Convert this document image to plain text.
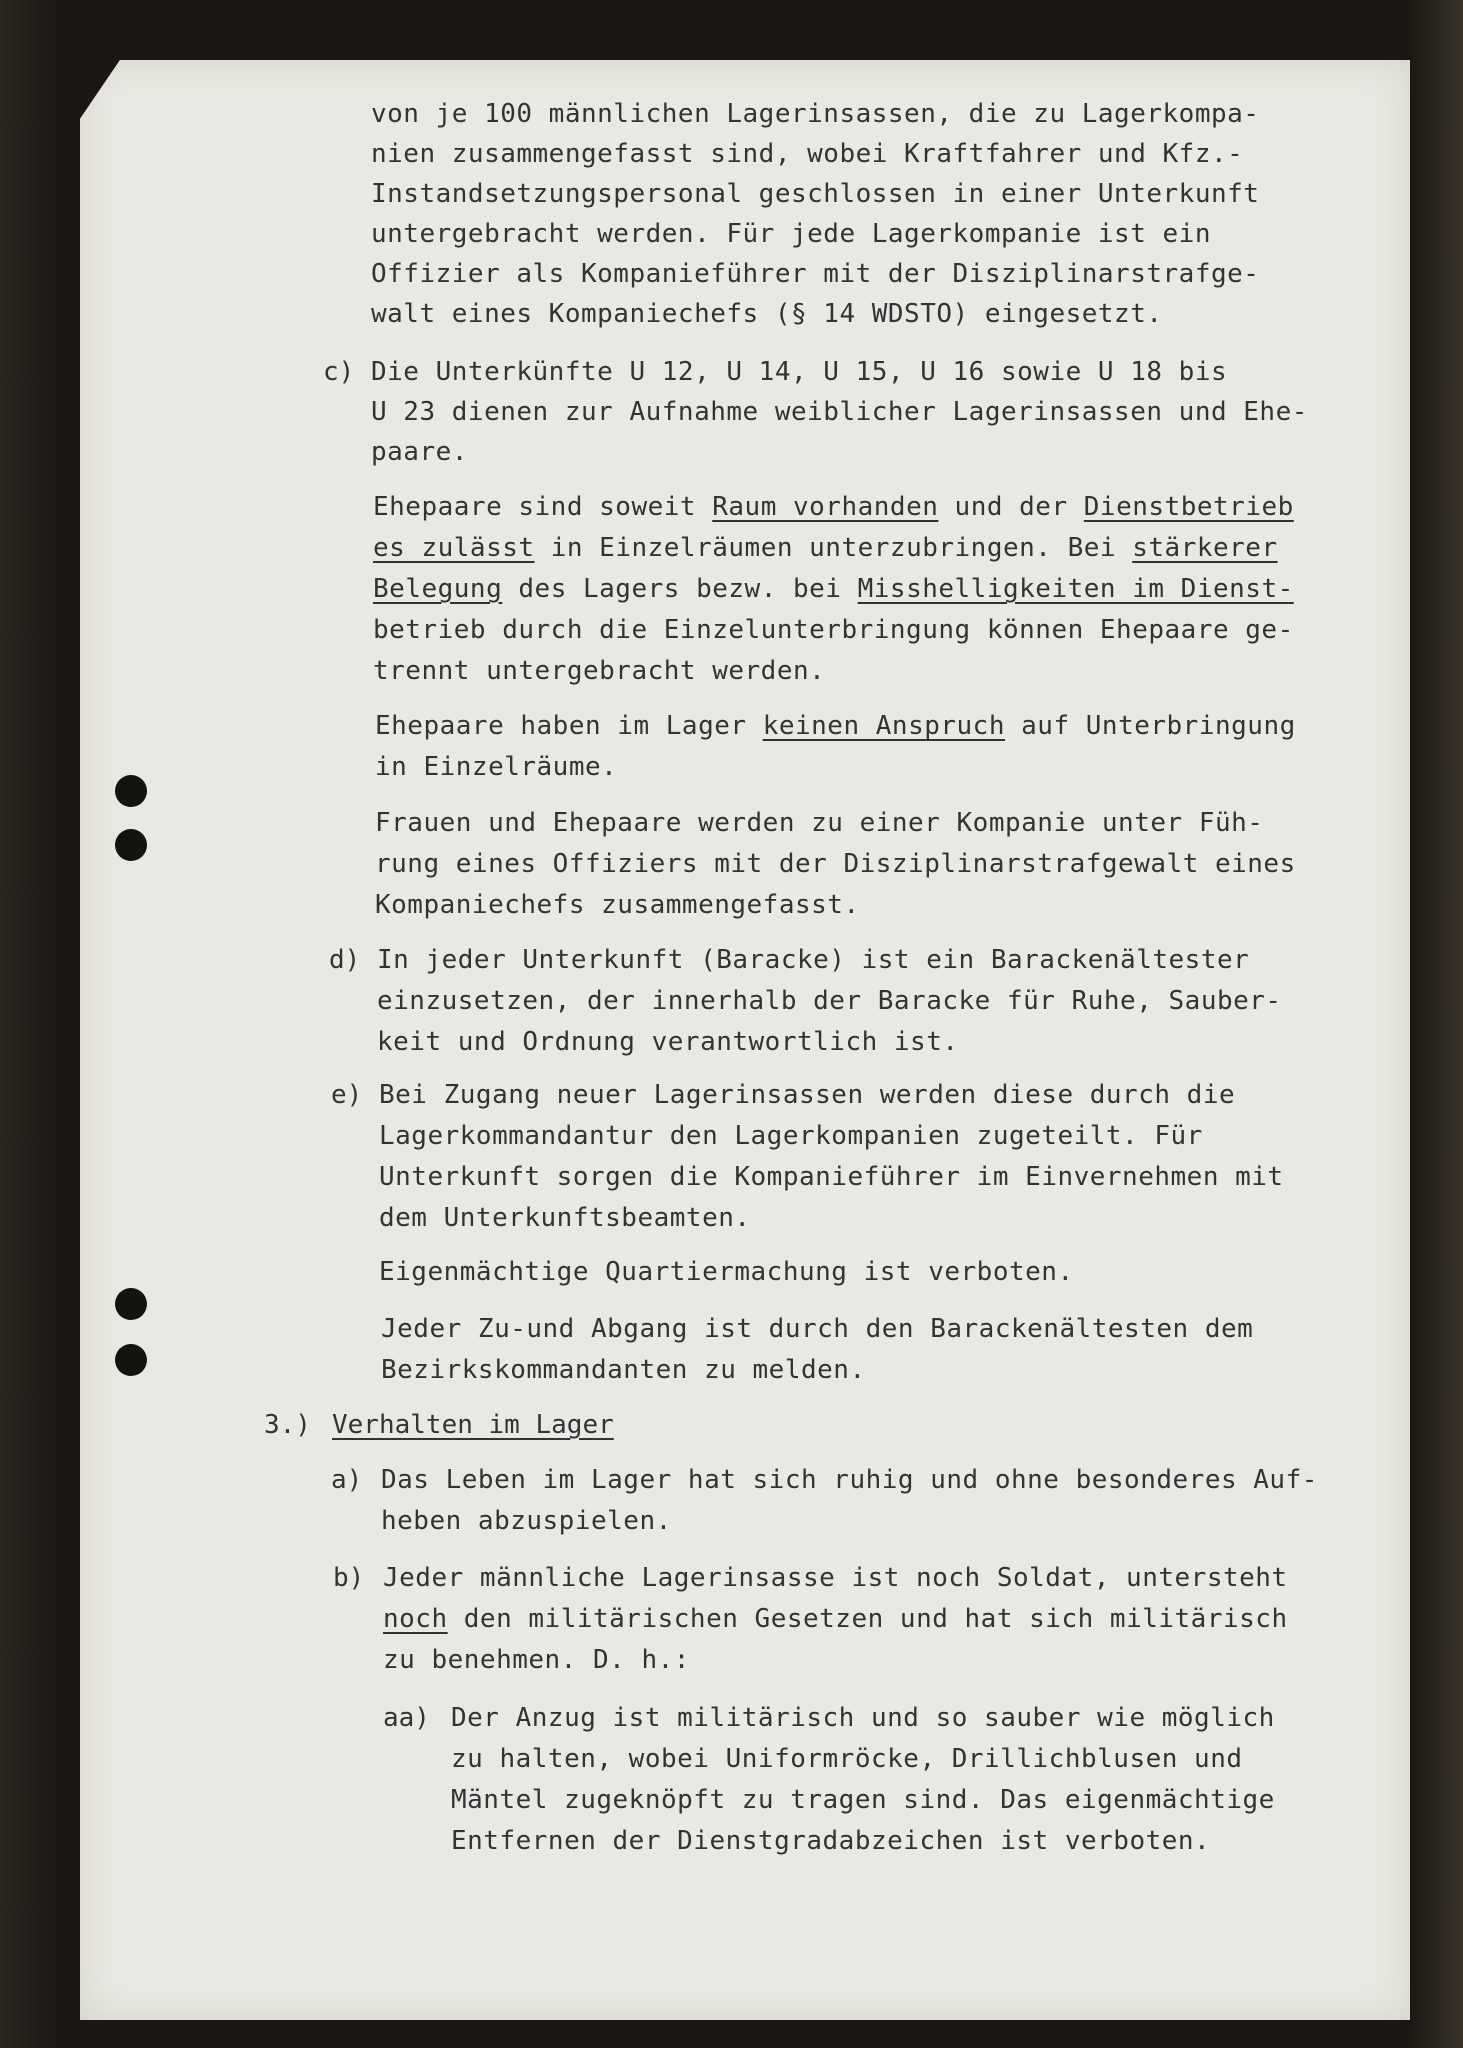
von je 100 männlichen Lagerinsassen, die zu Lagerkompa-
nien zusammengefasst sind, wobei Kraftfahrer und Kfz.-
Instandsetzungspersonal geschlossen in einer Unterkunft
untergebracht werden. Für jede Lagerkompanie ist ein
Offizier als Kompanieführer mit der Disziplinarstrafge-
walt eines Kompaniechefs (§ 14 WDSTO) eingesetzt.
c) Die Unterkünfte U 12, U 14, U 15, U 16 sowie U 18 bis
U 23 dienen zur Aufnahme weiblicher Lagerinsassen und Ehe-
paare.
Ehepaare sind soweit Raum vorhanden und der Dienstbetrieb
es zulässt in Einzelräumen unterzubringen. Bei stärkerer
Belegung des Lagers bezw. bei Misshelligkeiten im Dienst-
betrieb durch die Einzelunterbringung können Ehepaare ge-
trennt untergebracht werden.
Ehepaare haben im Lager keinen Anspruch auf Unterbringung
in Einzelräume.
Frauen und Ehepaare werden zu einer Kompanie unter Füh-
rung eines Offiziers mit der Disziplinarstrafgewalt eines
Kompaniechefs zusammengefasst.
d) In jeder Unterkunft (Baracke) ist ein Barackenältester
einzusetzen, der innerhalb der Baracke für Ruhe, Sauber-
keit und Ordnung verantwortlich ist.
e) Bei Zugang neuer Lagerinsassen werden diese durch die
Lagerkommandantur den Lagerkompanien zugeteilt. Für
Unterkunft sorgen die Kompanieführer im Einvernehmen mit
dem Unterkunftsbeamten.
Eigenmächtige Quartiermachung ist verboten.
Jeder Zu-und Abgang ist durch den Barackenältesten dem
Bezirkskommandanten zu melden.
3.) Verhalten im Lager
a) Das Leben im Lager hat sich ruhig und ohne besonderes Auf-
heben abzuspielen.
b) Jeder männliche Lagerinsasse ist noch Soldat, untersteht
noch den militärischen Gesetzen und hat sich militärisch
zu benehmen. D. h.:
aa) Der Anzug ist militärisch und so sauber wie möglich
zu halten, wobei Uniformröcke, Drillichblusen und
Mäntel zugeknöpft zu tragen sind. Das eigenmächtige
Entfernen der Dienstgradabzeichen ist verboten.
